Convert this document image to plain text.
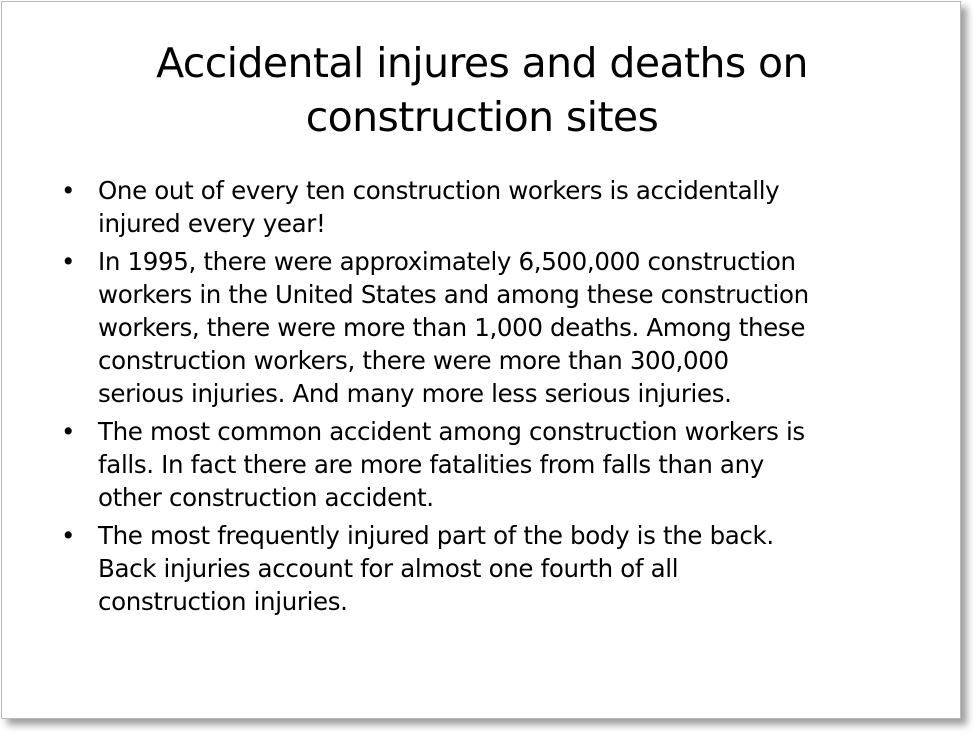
Accidental injures and deaths on
construction sites
• One out of every ten construction workers is accidentally
injured every year!
• In 1995, there were approximately 6,500,000 construction
workers in the United States and among these construction
workers, there were more than 1,000 deaths. Among these
construction workers, there were more than 300,000
serious injuries. And many more less serious injuries.
• The most common accident among construction workers is
falls. In fact there are more fatalities from falls than any
other construction accident.
• The most frequently injured part of the body is the back.
Back injuries account for almost one fourth of all
construction injuries.
